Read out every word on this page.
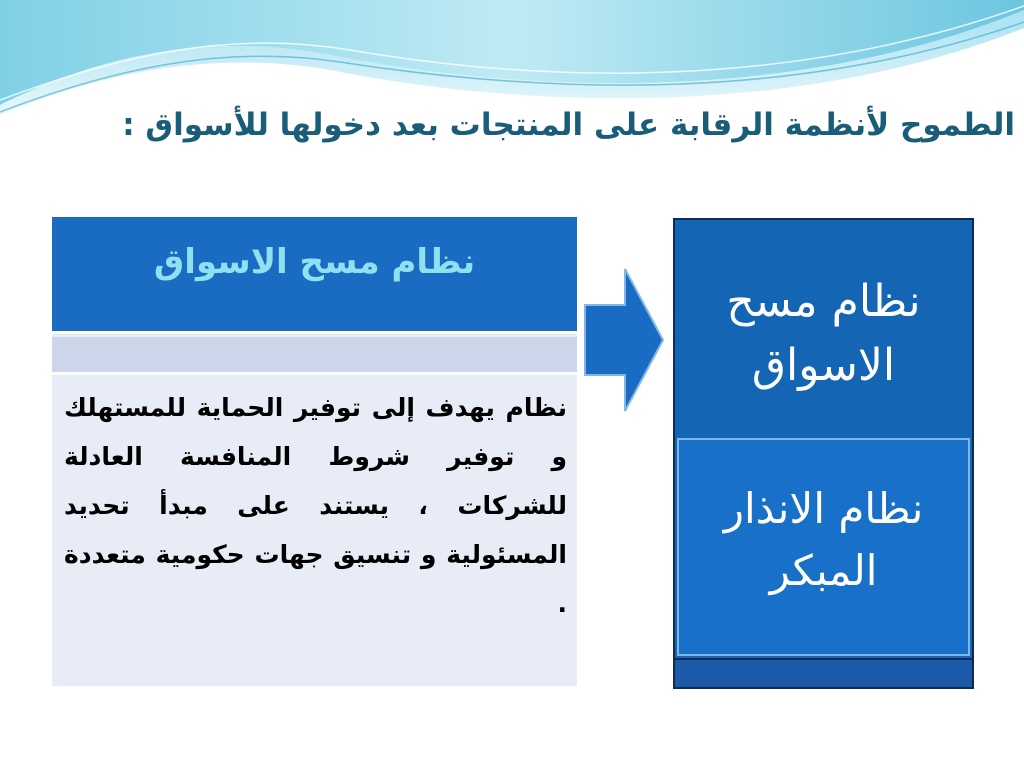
الطموح لأنظمة الرقابة على المنتجات بعد دخولها للأسواق :
نظام مسح الاسواق
نظام يهدف إلى توفير الحماية للمستهلك و توفير شروط المنافسة العادلة للشركات ، يستند على مبدأ تحديد المسئولية و تنسيق جهات حكومية متعددة .
نظام مسح الاسواق
نظام الانذار المبكر
